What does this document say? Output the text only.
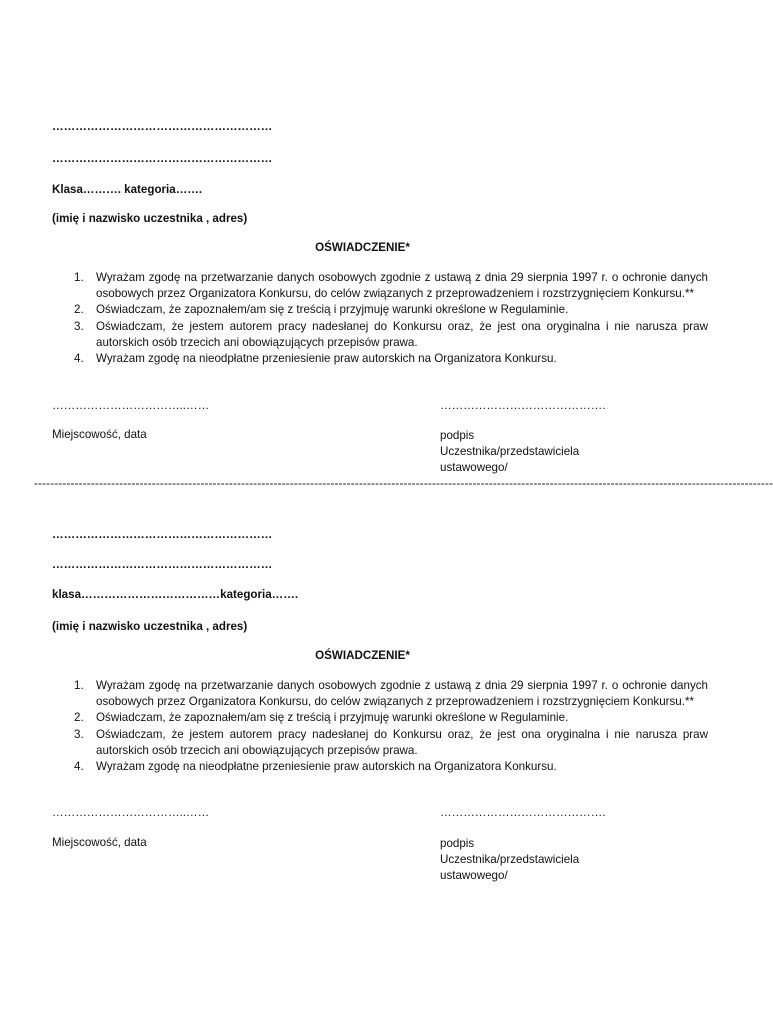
…………………………………………………
…………………………………………………
Klasa………. kategoria…….
(imię i nazwisko uczestnika , adres)
OŚWIADCZENIE*
1. Wyrażam zgodę na przetwarzanie danych osobowych zgodnie z ustawą z dnia 29 sierpnia 1997 r. o ochronie danych osobowych przez Organizatora Konkursu, do celów związanych z przeprowadzeniem i rozstrzygnięciem Konkursu.**
2. Oświadczam, że zapoznałem/am się z treścią i przyjmuję warunki określone w Regulaminie.
3. Oświadczam, że jestem autorem pracy nadesłanej do Konkursu oraz, że jest ona oryginalna i nie narusza praw autorskich osób trzecich ani obowiązujących przepisów prawa.
4. Wyrażam zgodę na nieodpłatne przeniesienie praw autorskich na Organizatora Konkursu.
……………………………..……	…………………………………….
Miejscowość, data	podpis
Uczestnika/przedstawiciela
ustawowego/
--------------------------------------------------------------------------------------------------------------------------------------------------------------------------------------
…………………………………………………
…………………………………………………
klasa………………………………kategoria…….
(imię i nazwisko uczestnika , adres)
OŚWIADCZENIE*
1. Wyrażam zgodę na przetwarzanie danych osobowych zgodnie z ustawą z dnia 29 sierpnia 1997 r. o ochronie danych osobowych przez Organizatora Konkursu, do celów związanych z przeprowadzeniem i rozstrzygnięciem Konkursu.**
2. Oświadczam, że zapoznałem/am się z treścią i przyjmuję warunki określone w Regulaminie.
3. Oświadczam, że jestem autorem pracy nadesłanej do Konkursu oraz, że jest ona oryginalna i nie narusza praw autorskich osób trzecich ani obowiązujących przepisów prawa.
4. Wyrażam zgodę na nieodpłatne przeniesienie praw autorskich na Organizatora Konkursu.
……………………………..……	…………………………………….
Miejscowość, data	podpis
Uczestnika/przedstawiciela
ustawowego/
